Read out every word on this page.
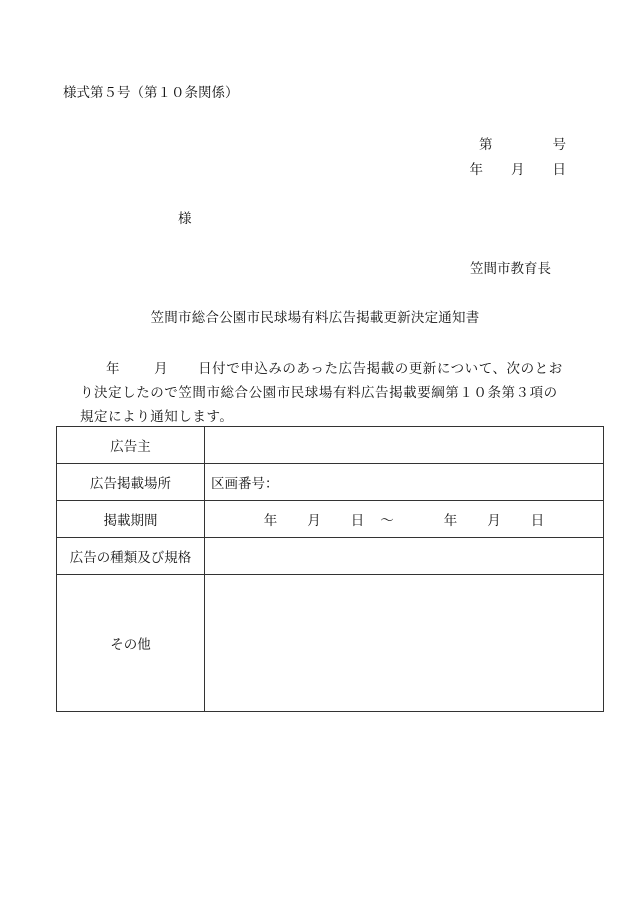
様式第５号（第１０条関係）
第	号
年 月 日
様
笠間市教育長
笠間市総合公園市民球場有料広告掲載更新決定通知書
年	月 日付で申込みのあった広告掲載の更新について、次のとお
り決定したので笠間市総合公園市民球場有料広告掲載要綱第１０条第３項の
規定により通知します。
広告主	
広告掲載場所	区画番号：
掲載期間	年 月 日 ～ 年 月 日
広告の種類及び規格	
その他	
